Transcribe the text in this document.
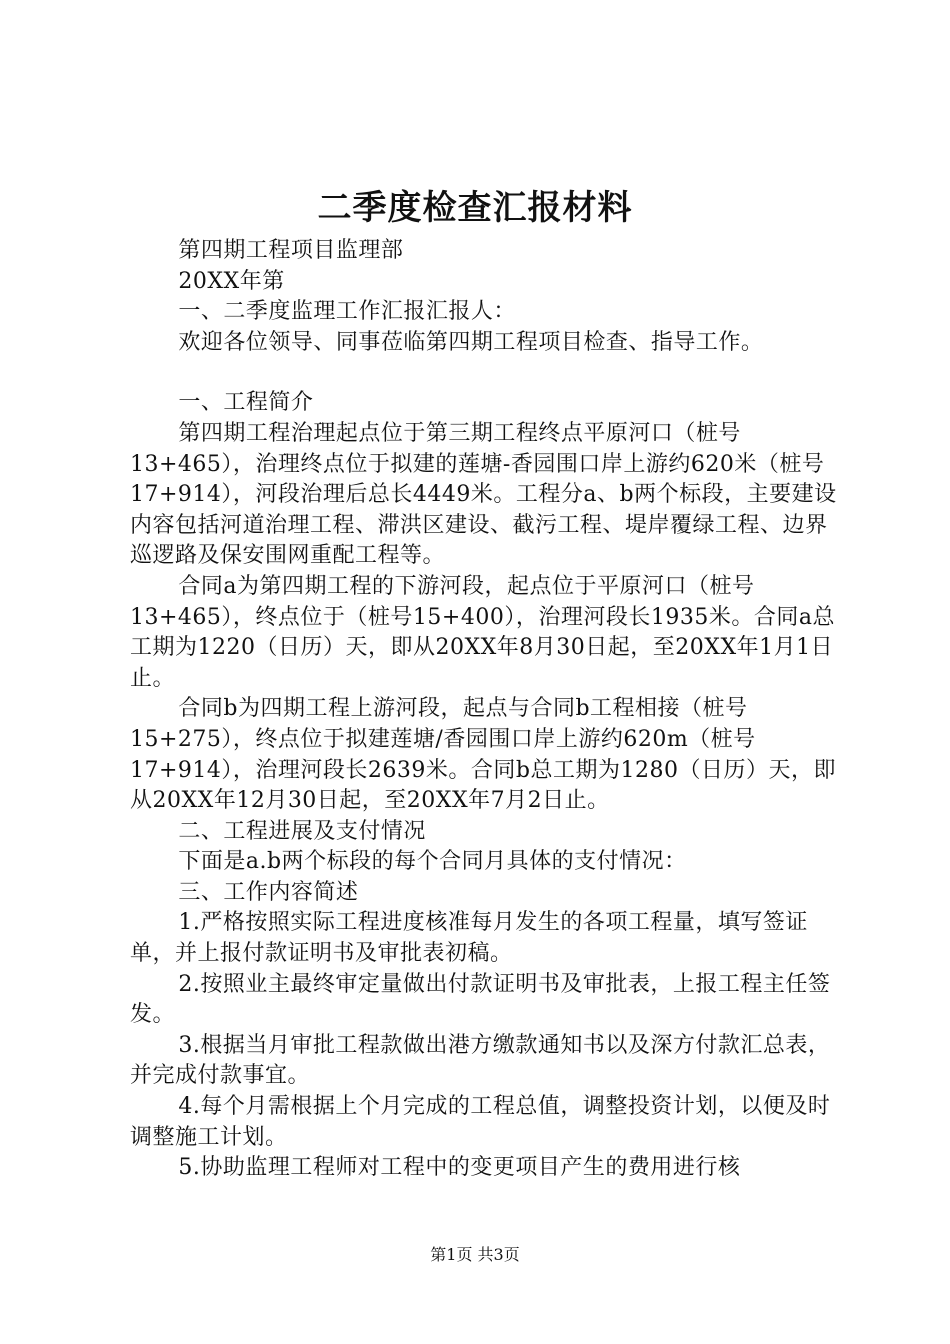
二季度检查汇报材料

第四期工程项目监理部

20XX年第

一、二季度监理工作汇报汇报人：

欢迎各位领导、同事莅临第四期工程项目检查、指导工作。

一、工程简介

第四期工程治理起点位于第三期工程终点平原河口（桩号13+465），治理终点位于拟建的莲塘-香园围口岸上游约620米（桩号17+914），河段治理后总长4449米。工程分a、b两个标段，主要建设内容包括河道治理工程、滞洪区建设、截污工程、堤岸覆绿工程、边界巡逻路及保安围网重配工程等。

合同a为第四期工程的下游河段，起点位于平原河口（桩号13+465），终点位于（桩号15+400），治理河段长1935米。合同a总工期为1220（日历）天，即从20XX年8月30日起，至20XX年1月1日止。

合同b为四期工程上游河段，起点与合同b工程相接（桩号15+275），终点位于拟建莲塘/香园围口岸上游约620m（桩号17+914），治理河段长2639米。合同b总工期为1280（日历）天，即从20XX年12月30日起，至20XX年7月2日止。

二、工程进展及支付情况

下面是a.b两个标段的每个合同月具体的支付情况：

三、工作内容简述

1.严格按照实际工程进度核准每月发生的各项工程量，填写签证单，并上报付款证明书及审批表初稿。

2.按照业主最终审定量做出付款证明书及审批表，上报工程主任签发。

3.根据当月审批工程款做出港方缴款通知书以及深方付款汇总表，并完成付款事宜。

4.每个月需根据上个月完成的工程总值，调整投资计划，以便及时调整施工计划。

5.协助监理工程师对工程中的变更项目产生的费用进行核

第1页 共3页
